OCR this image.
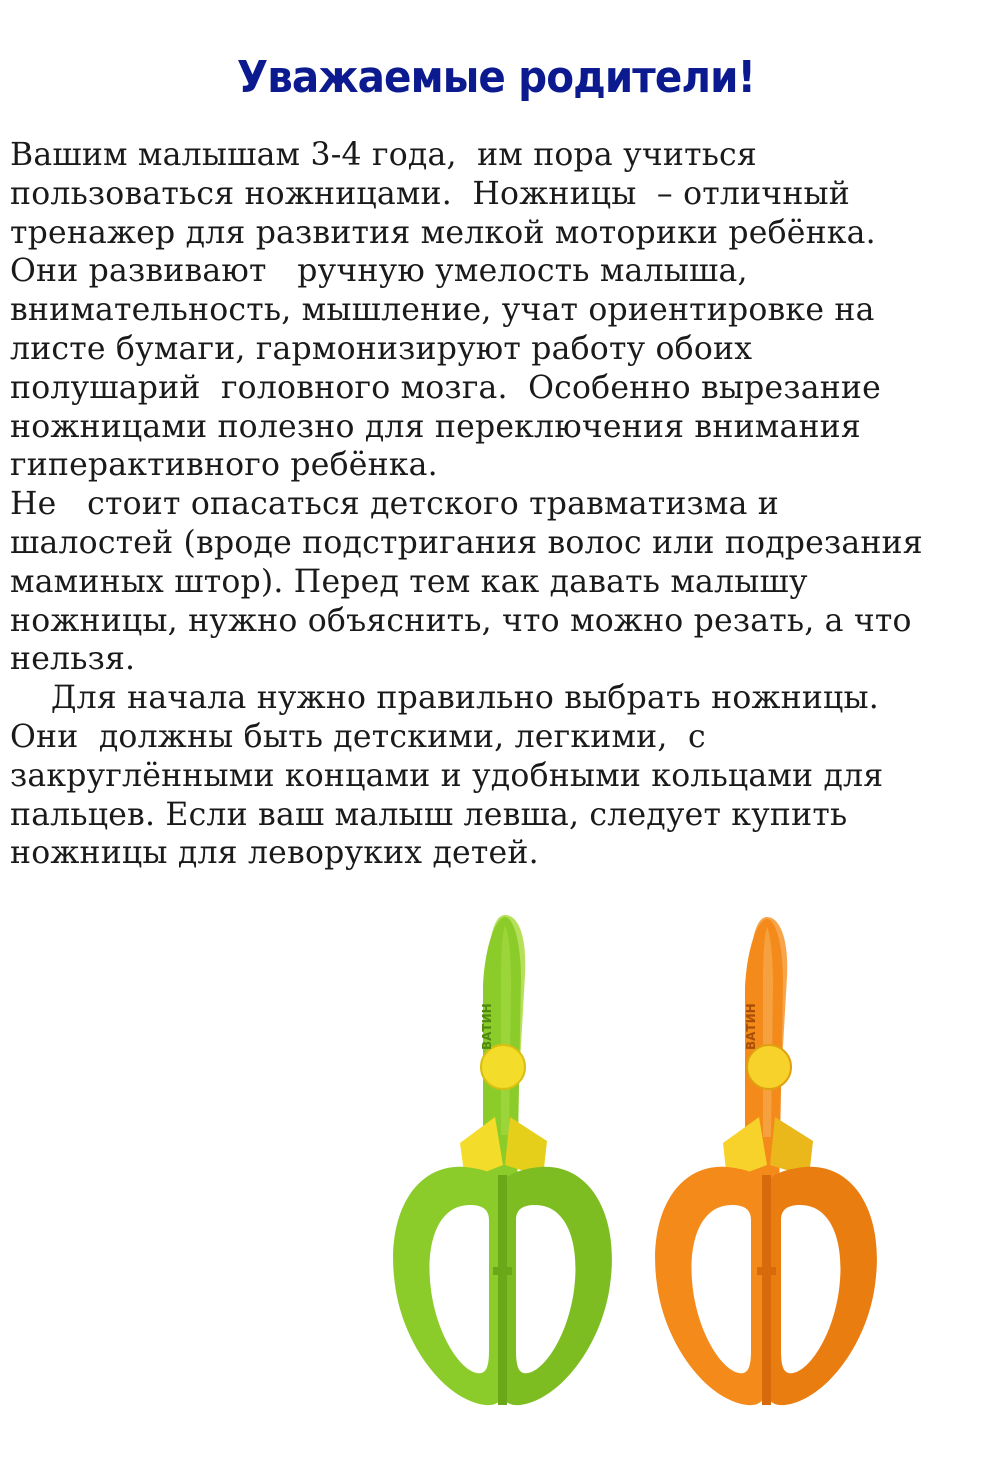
Уважаемые родители!
Вашим малышам 3-4 года,  им пора учиться
пользоваться ножницами.  Ножницы  – отличный
тренажер для развития мелкой моторики ребёнка.
Они развивают   ручную умелость малыша,
внимательность, мышление, учат ориентировке на
листе бумаги, гармонизируют работу обоих
полушарий  головного мозга.  Особенно вырезание
ножницами полезно для переключения внимания
гиперактивного ребёнка.
Не   стоит опасаться детского травматизма и
шалостей (вроде подстригания волос или подрезания
маминых штор). Перед тем как давать малышу
ножницы, нужно объяснить, что можно резать, а что
нельзя.
Для начала нужно правильно выбрать ножницы.
Они  должны быть детскими, легкими,  с
закруглёнными концами и удобными кольцами для
пальцев. Если ваш малыш левша, следует купить
ножницы для леворуких детей.
ВАТИН	ВАТИН
